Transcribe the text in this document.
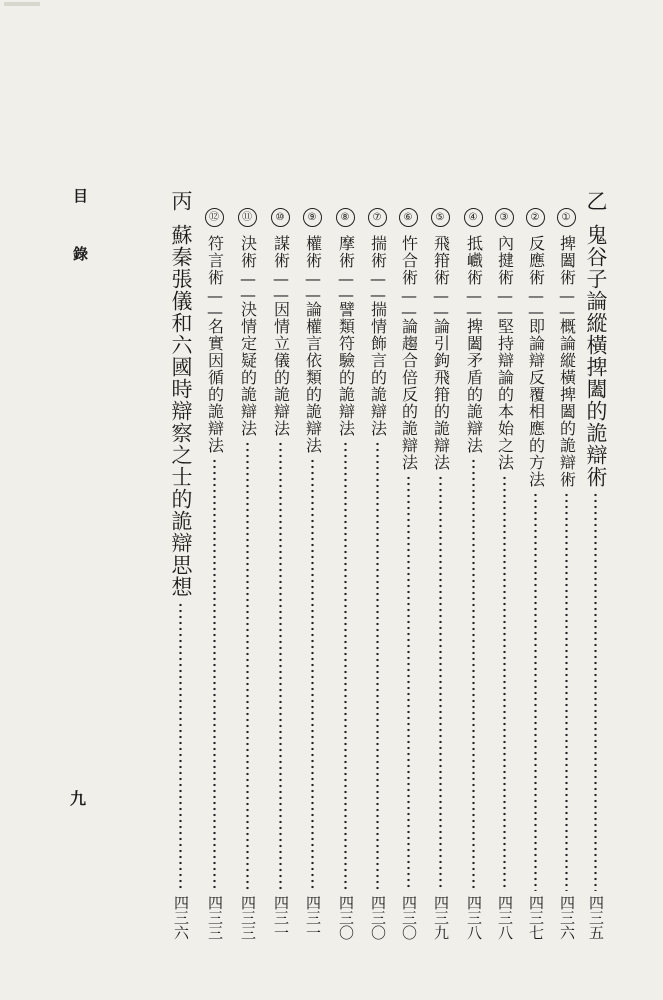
乙
鬼谷子論縱橫捭闔的詭辯術
四三五
①
捭闔術
——
概論縱橫捭闔的詭辯術
四三六
②
反應術
——
即論辯反覆相應的方法
四三七
③
內揵術
——
堅持辯論的本始之法
四三八
④
抵巇術
——
捭闔矛盾的詭辯法
四三八
⑤
飛箝術
——
論引鉤飛箝的詭辯法
四三九
⑥
忤合術
——
論趨合倍反的詭辯法
四三〇
⑦
揣術
——
揣情飾言的詭辯法
四三〇
⑧
摩術
——
譬類符驗的詭辯法
四三〇
⑨
權術
——
論權言依類的詭辯法
四三一
⑩
謀術
——
因情立儀的詭辯法
四三一
⑪
決術
——
決情定疑的詭辯法
四三三
⑫
符言術
——
名實因循的詭辯法
四三三
丙
蘇秦張儀和六國時辯察之士的詭辯思想
四三六
目
錄
九
